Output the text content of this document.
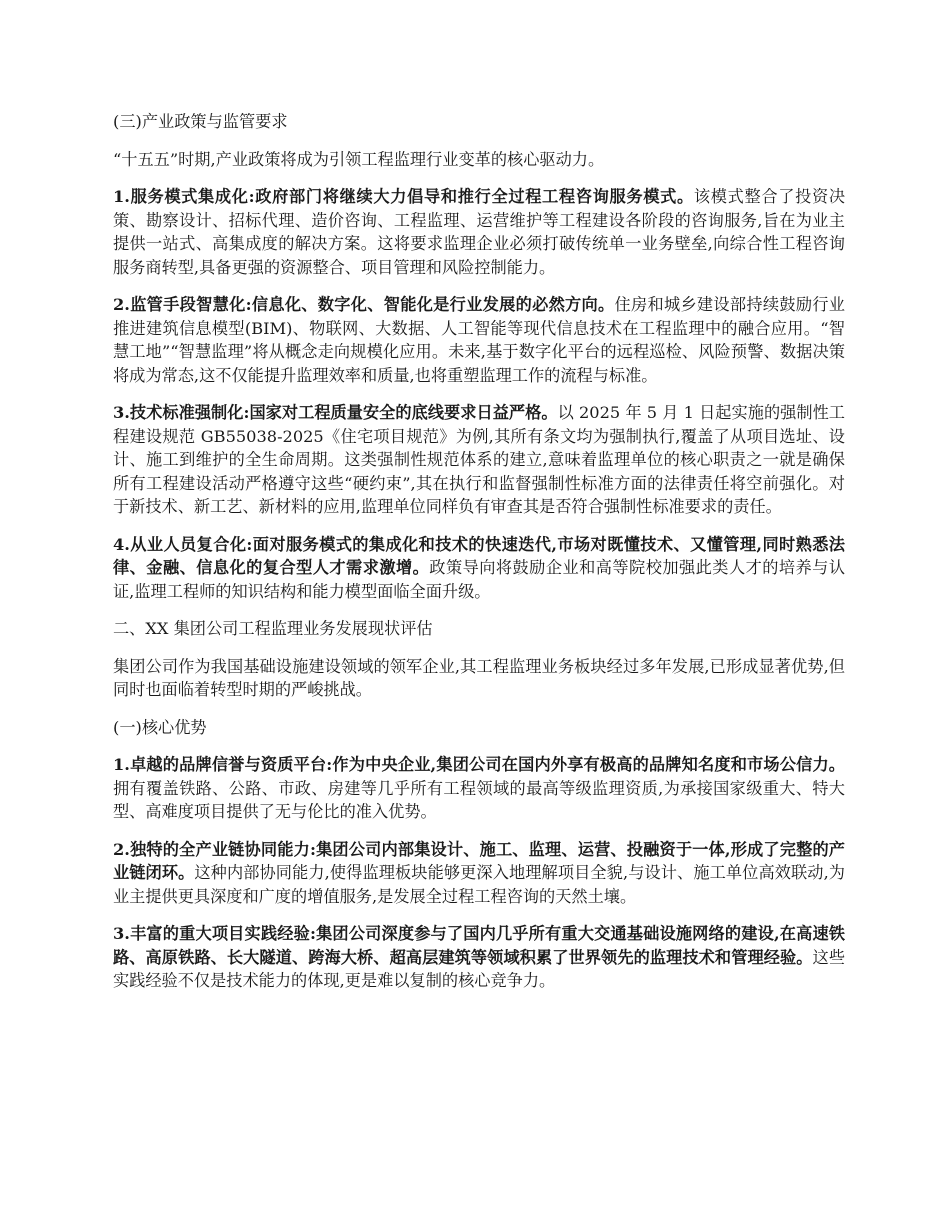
(三)产业政策与监管要求

“十五五”时期,产业政策将成为引领工程监理行业变革的核心驱动力。

1.服务模式集成化:政府部门将继续大力倡导和推行全过程工程咨询服务模式。该模式整合了投资决策、勘察设计、招标代理、造价咨询、工程监理、运营维护等工程建设各阶段的咨询服务,旨在为业主提供一站式、高集成度的解决方案。这将要求监理企业必须打破传统单一业务壁垒,向综合性工程咨询服务商转型,具备更强的资源整合、项目管理和风险控制能力。

2.监管手段智慧化:信息化、数字化、智能化是行业发展的必然方向。住房和城乡建设部持续鼓励行业推进建筑信息模型(BIM)、物联网、大数据、人工智能等现代信息技术在工程监理中的融合应用。“智慧工地”“智慧监理”将从概念走向规模化应用。未来,基于数字化平台的远程巡检、风险预警、数据决策将成为常态,这不仅能提升监理效率和质量,也将重塑监理工作的流程与标准。

3.技术标准强制化:国家对工程质量安全的底线要求日益严格。以 2025 年 5 月 1 日起实施的强制性工程建设规范 GB55038-2025《住宅项目规范》为例,其所有条文均为强制执行,覆盖了从项目选址、设计、施工到维护的全生命周期。这类强制性规范体系的建立,意味着监理单位的核心职责之一就是确保所有工程建设活动严格遵守这些“硬约束”,其在执行和监督强制性标准方面的法律责任将空前强化。对于新技术、新工艺、新材料的应用,监理单位同样负有审查其是否符合强制性标准要求的责任。

4.从业人员复合化:面对服务模式的集成化和技术的快速迭代,市场对既懂技术、又懂管理,同时熟悉法律、金融、信息化的复合型人才需求激增。政策导向将鼓励企业和高等院校加强此类人才的培养与认证,监理工程师的知识结构和能力模型面临全面升级。

二、XX 集团公司工程监理业务发展现状评估

集团公司作为我国基础设施建设领域的领军企业,其工程监理业务板块经过多年发展,已形成显著优势,但同时也面临着转型时期的严峻挑战。

(一)核心优势

1.卓越的品牌信誉与资质平台:作为中央企业,集团公司在国内外享有极高的品牌知名度和市场公信力。拥有覆盖铁路、公路、市政、房建等几乎所有工程领域的最高等级监理资质,为承接国家级重大、特大型、高难度项目提供了无与伦比的准入优势。

2.独特的全产业链协同能力:集团公司内部集设计、施工、监理、运营、投融资于一体,形成了完整的产业链闭环。这种内部协同能力,使得监理板块能够更深入地理解项目全貌,与设计、施工单位高效联动,为业主提供更具深度和广度的增值服务,是发展全过程工程咨询的天然土壤。

3.丰富的重大项目实践经验:集团公司深度参与了国内几乎所有重大交通基础设施网络的建设,在高速铁路、高原铁路、长大隧道、跨海大桥、超高层建筑等领域积累了世界领先的监理技术和管理经验。这些实践经验不仅是技术能力的体现,更是难以复制的核心竞争力。
